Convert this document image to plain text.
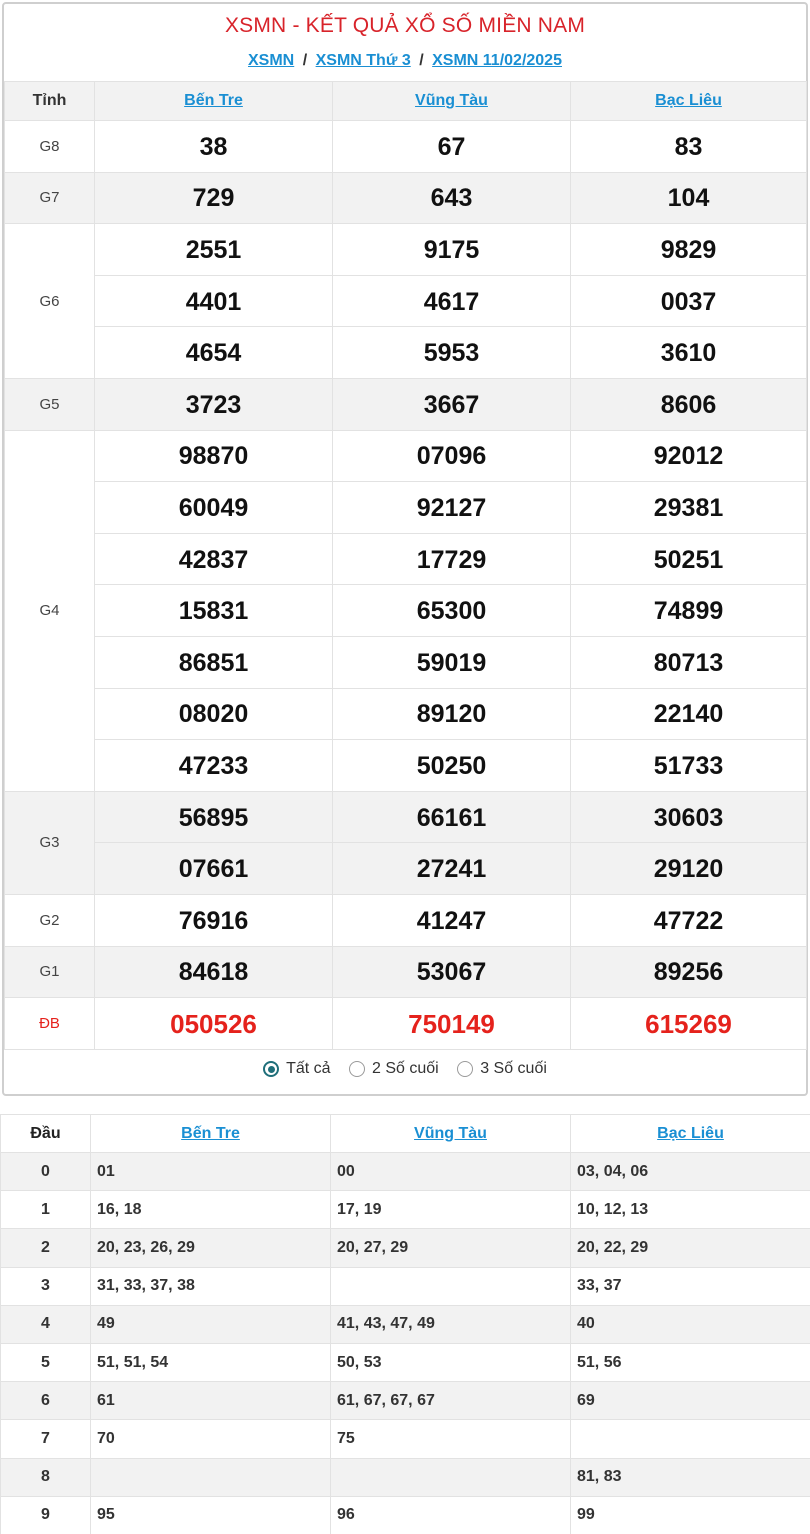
XSMN - KẾT QUẢ XỔ SỐ MIỀN NAM
XSMN / XSMN Thứ 3 / XSMN 11/02/2025
Tỉnh	Bến Tre	Vũng Tàu	Bạc Liêu
G8	38	67	83
G7	729	643	104
G6	2551	9175	9829
	4401	4617	0037
	4654	5953	3610
G5	3723	3667	8606
G4	98870	07096	92012
	60049	92127	29381
	42837	17729	50251
	15831	65300	74899
	86851	59019	80713
	08020	89120	22140
	47233	50250	51733
G3	56895	66161	30603
	07661	27241	29120
G2	76916	41247	47722
G1	84618	53067	89256
ĐB	050526	750149	615269
Tất cả
	2 Số cuối
	3 Số cuối
Đầu	Bến Tre	Vũng Tàu	Bạc Liêu
0	01	00	03, 04, 06
1	16, 18	17, 19	10, 12, 13
2	20, 23, 26, 29	20, 27, 29	20, 22, 29
3	31, 33, 37, 38		33, 37
4	49	41, 43, 47, 49	40
5	51, 51, 54	50, 53	51, 56
6	61	61, 67, 67, 67	69
7	70	75	
8			81, 83
9	95	96	99
